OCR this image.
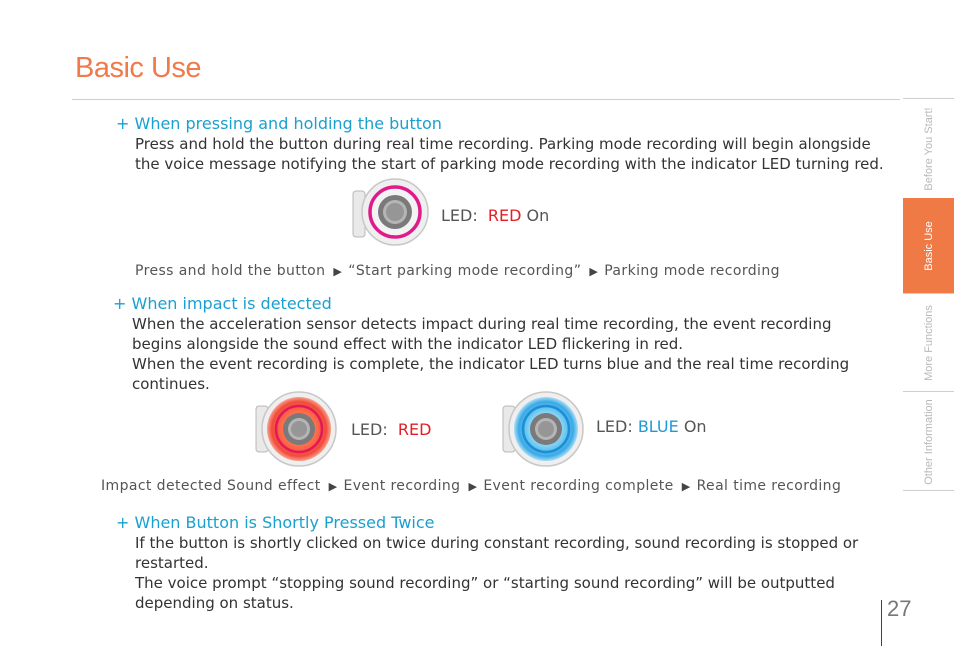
Basic Use
+ When pressing and holding the button
Press and hold the button during real time recording. Parking mode recording will begin alongside
the voice message notifying the start of parking mode recording with the indicator LED turning red.
LED: RED On
Press and hold the button ▶ “Start parking mode recording” ▶ Parking mode recording
+ When impact is detected
When the acceleration sensor detects impact during real time recording, the event recording
begins alongside the sound effect with the indicator LED flickering in red.
When the event recording is complete, the indicator LED turns blue and the real time recording
continues.
LED: RED	LED: BLUE On
Impact detected Sound effect ▶ Event recording ▶ Event recording complete ▶ Real time recording
+ When Button is Shortly Pressed Twice
If the button is shortly clicked on twice during constant recording, sound recording is stopped or
restarted.
The voice prompt “stopping sound recording” or “starting sound recording” will be outputted
depending on status.
Before You Start!
Basic Use
More Functions
Other Information
27
